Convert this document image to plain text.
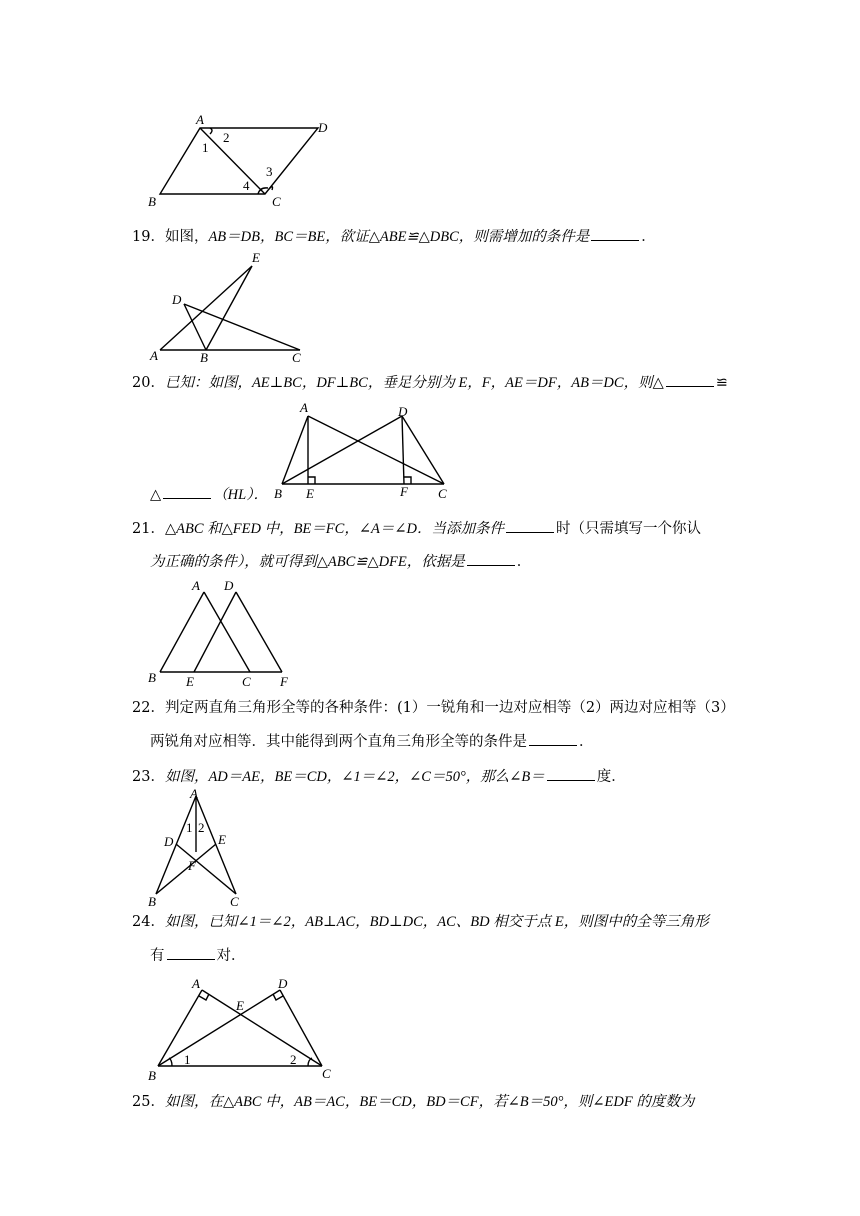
A
D
B	C
1
2
3
4
19．如图，AB＝DB，BC＝BE，欲证△ABE≌△DBC，则需增加的条件是	．
E
D
A	B	C
20．已知：如图，AE⊥BC，DF⊥BC，垂足分别为 E，F，AE＝DF，AB＝DC，则△	≌
A	D
B E	F C
△	（HL）．
21．△ABC 和△FED 中，BE＝FC，∠A＝∠D．当添加条件	时（只需填写一个你认
为正确的条件），就可得到△ABC≌△DFE，依据是	．
A D
B E	C F
22．判定两直角三角形全等的各种条件：(1）一锐角和一边对应相等（2）两边对应相等（3）
两锐角对应相等．其中能得到两个直角三角形全等的条件是	．
23．如图，AD＝AE，BE＝CD，∠1＝∠2，∠C＝50°，那么∠B＝	度．
A
1 2
D	E
F
B	C
24．如图，已知∠1＝∠2，AB⊥AC，BD⊥DC，AC、BD 相交于点 E，则图中的全等三角形
有	对．
A	D
E
B
1	2
C
25．如图，在△ABC 中，AB＝AC，BE＝CD，BD＝CF，若∠B＝50°，则∠EDF 的度数为
